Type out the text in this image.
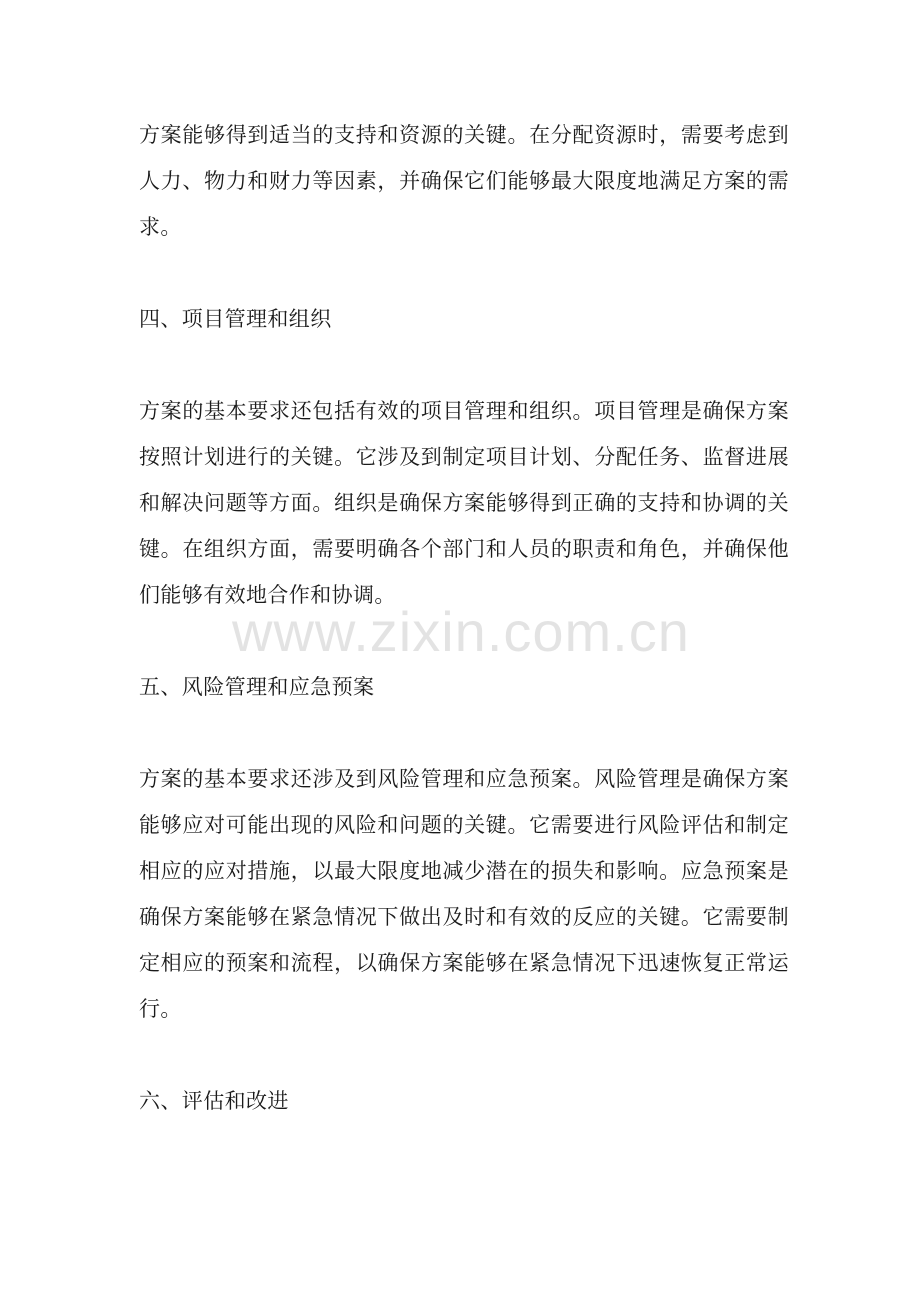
方案能够得到适当的支持和资源的关键。在分配资源时，需要考虑到人力、物力和财力等因素，并确保它们能够最大限度地满足方案的需求。

四、项目管理和组织

方案的基本要求还包括有效的项目管理和组织。项目管理是确保方案按照计划进行的关键。它涉及到制定项目计划、分配任务、监督进展和解决问题等方面。组织是确保方案能够得到正确的支持和协调的关键。在组织方面，需要明确各个部门和人员的职责和角色，并确保他们能够有效地合作和协调。

五、风险管理和应急预案

方案的基本要求还涉及到风险管理和应急预案。风险管理是确保方案能够应对可能出现的风险和问题的关键。它需要进行风险评估和制定相应的应对措施，以最大限度地减少潜在的损失和影响。应急预案是确保方案能够在紧急情况下做出及时和有效的反应的关键。它需要制定相应的预案和流程，以确保方案能够在紧急情况下迅速恢复正常运行。

六、评估和改进

www.zixin.com.cn
